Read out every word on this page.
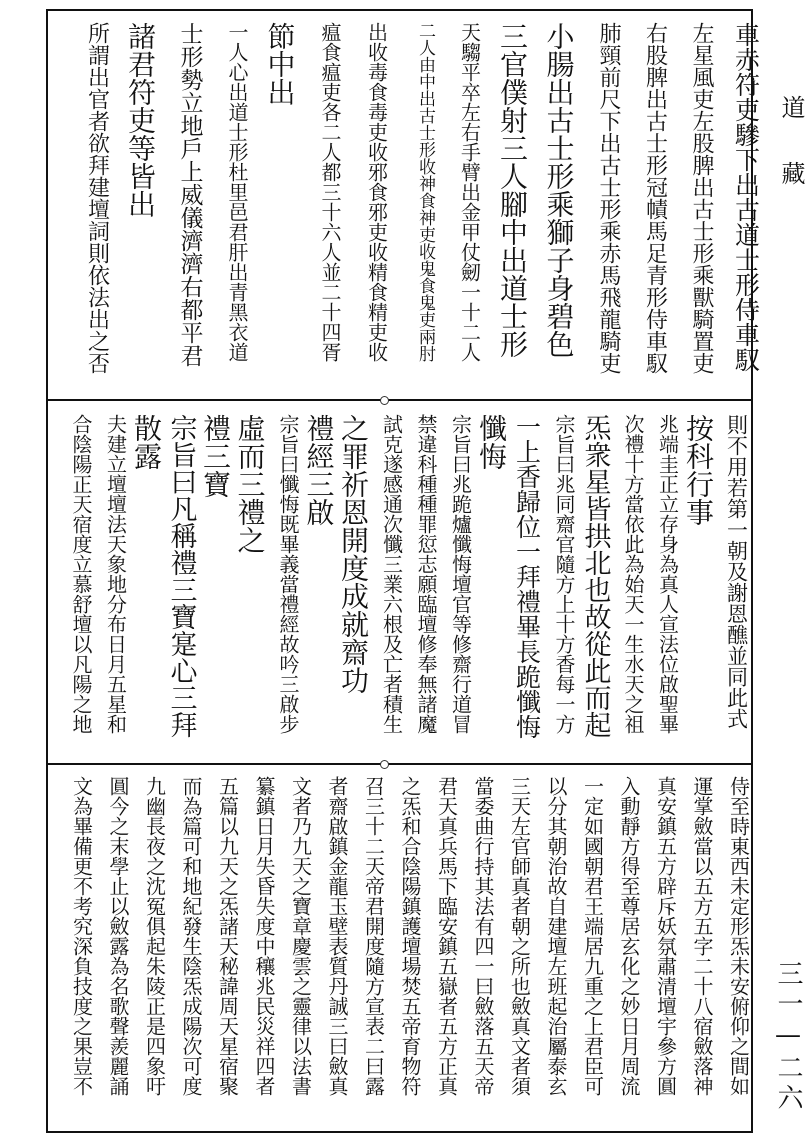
道藏
三一—二六
車赤符吏驂下出古道士形侍車馭
左星風吏左股脾出古士形乘獸騎置吏
右股脾出古士形冠幘馬足青形侍車馭
肺頸前尺下出古士形乘赤馬飛龍騎吏
小腸出古士形乘獅子身碧色
三官僕射三人腳中出道士形
天騶平卒左右手臂出金甲仗劒一十二人
二人由中出古士形收神食神吏收鬼食鬼吏兩肘
出收毒食毒吏收邪食邪吏收精食精吏收
瘟食瘟吏各二人都三十六人並二十四胥
節中出
一人心出道士形杜里邑君肝出青黑衣道
士形勢立地戶上威儀濟濟右都平君
諸君符吏等皆出
所謂出官者欲拜建壇詞則依法出之否
則不用若第一朝及謝恩醮並同此式
按科行事
兆端圭正立存身為真人宣法位啟聖畢
次禮十方當依此為始天一生水天之祖
炁衆星皆拱北也故從此而起
宗旨曰兆同齋官隨方上十方香每一方
一上香歸位一拜禮畢長跪懺悔
懺悔
宗旨曰兆跪爐懺悔壇官等修齋行道冒
禁違科種種罪愆志願臨壇修奉無諸魔
試克遂感通次懺三業六根及亡者積生
之罪祈恩開度成就齋功
禮經三啟
宗旨曰懺悔既畢義當禮經故吟三啟步
虛而三禮之
禮三寶
宗旨曰凡稱禮三寶寔心三拜
散露
夫建立壇壇法天象地分布日月五星和
合陰陽正天宿度立慕舒壇以凡陽之地
侍至時東西未定形炁未安俯仰之間如
運掌斂當以五方五字二十八宿斂落神
真安鎮五方辟斥妖氛肅清壇宇參方圓
入動靜方得至尊居玄化之妙日月周流
一定如國朝君王端居九重之上君臣可
以分其朝治故自建壇左班起治屬泰玄
三天左官師真者朝之所也斂真文者須
當委曲行持其法有四一曰斂落五天帝
君天真兵馬下臨安鎮五嶽者五方正真
之炁和合陰陽鎮護壇場焚五帝育物符
召三十二天帝君開度隨方宣表二曰露
者齋啟鎮金龍玉壁表質丹誠三曰斂真
文者乃九天之寶章慶雲之靈律以法書
纂鎮日月失昏失度中穰兆民災祥四者
五篇以九天之炁諸天秘諱周天星宿聚
而為篇可和地紀發生陰炁成陽次可度
九幽長夜之沈冤俱起朱陵正是四象吁
圓今之末學止以斂露為名歌聲羨麗誦
文為畢備更不考究深負技度之果豈不
